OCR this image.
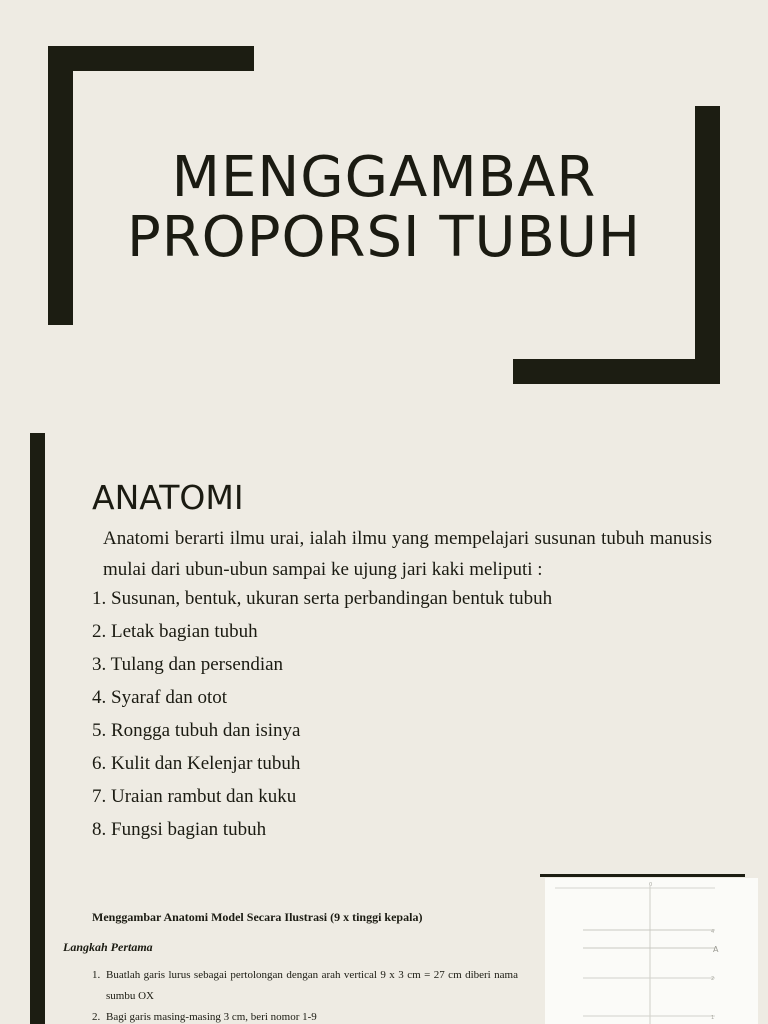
MENGGAMBAR
PROPORSI TUBUH
ANATOMI
Anatomi berarti ilmu urai, ialah ilmu yang mempelajari susunan tubuh manusis mulai dari ubun-ubun sampai ke ujung jari kaki meliputi :
1. Susunan, bentuk, ukuran serta perbandingan bentuk tubuh
2. Letak bagian tubuh
3. Tulang dan persendian
4. Syaraf dan otot
5. Rongga tubuh dan isinya
6. Kulit dan Kelenjar tubuh
7. Uraian rambut dan kuku
8. Fungsi bagian tubuh
Menggambar Anatomi Model Secara Ilustrasi (9 x tinggi kepala)
Langkah Pertama
1. Buatlah garis lurus sebagai pertolongan dengan arah vertical 9 x 3 cm = 27 cm diberi nama sumbu OX
2. Bagi garis masing-masing 3 cm, beri nomor 1-9
A
1
2
4
0
